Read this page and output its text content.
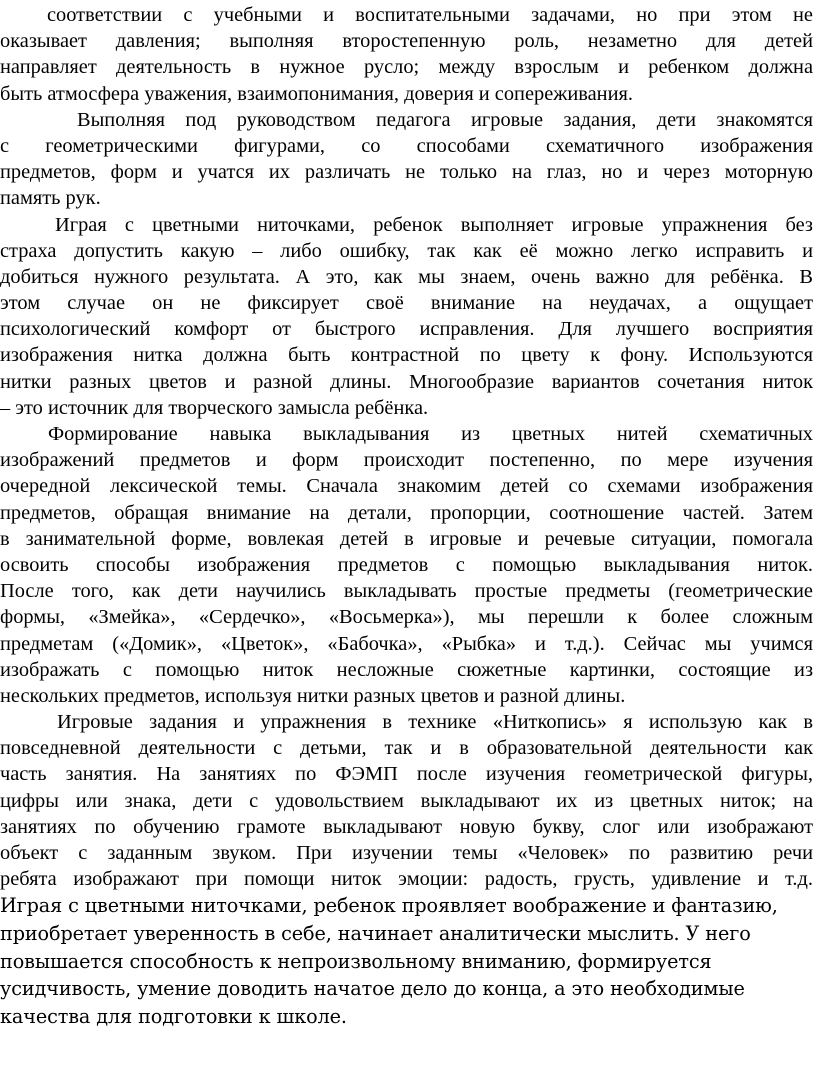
соответствии с учебными и воспитательными задачами, но при этом не
оказывает давления; выполняя второстепенную роль, незаметно для детей
направляет деятельность в нужное русло; между взрослым и ребенком должна
быть атмосфера уважения, взаимопонимания, доверия и сопереживания.
Выполняя под руководством педагога игровые задания, дети знакомятся
с геометрическими фигурами, со способами схематичного изображения
предметов, форм и учатся их различать не только на глаз, но и через моторную
память рук.
Играя с цветными ниточками, ребенок выполняет игровые упражнения без
страха допустить какую – либо ошибку, так как её можно легко исправить и
добиться нужного результата. А это, как мы знаем, очень важно для ребёнка. В
этом случае он не фиксирует своё внимание на неудачах, а ощущает
психологический комфорт от быстрого исправления. Для лучшего восприятия
изображения нитка должна быть контрастной по цвету к фону. Используются
нитки разных цветов и разной длины. Многообразие вариантов сочетания ниток
– это источник для творческого замысла ребёнка.
Формирование навыка выкладывания из цветных нитей схематичных
изображений предметов и форм происходит постепенно, по мере изучения
очередной лексической темы. Сначала знакомим детей со схемами изображения
предметов, обращая внимание на детали, пропорции, соотношение частей. Затем
в занимательной форме, вовлекая детей в игровые и речевые ситуации, помогала
освоить способы изображения предметов с помощью выкладывания ниток.
После того, как дети научились выкладывать простые предметы (геометрические
формы, «Змейка», «Сердечко», «Восьмерка»), мы перешли к более сложным
предметам («Домик», «Цветок», «Бабочка», «Рыбка» и т.д.). Сейчас мы учимся
изображать с помощью ниток несложные сюжетные картинки, состоящие из
нескольких предметов, используя нитки разных цветов и разной длины.
Игровые задания и упражнения в технике «Ниткопись» я использую как в
повседневной деятельности с детьми, так и в образовательной деятельности как
часть занятия. На занятиях по ФЭМП после изучения геометрической фигуры,
цифры или знака, дети с удовольствием выкладывают их из цветных ниток; на
занятиях по обучению грамоте выкладывают новую букву, слог или изображают
объект с заданным звуком. При изучении темы «Человек» по развитию речи
ребята изображают при помощи ниток эмоции: радость, грусть, удивление и т.д.
Играя с цветными ниточками, ребенок проявляет воображение и фантазию,
приобретает уверенность в себе, начинает аналитически мыслить. У него
повышается способность к непроизвольному вниманию, формируется
усидчивость, умение доводить начатое дело до конца, а это необходимые
качества для подготовки к школе.
